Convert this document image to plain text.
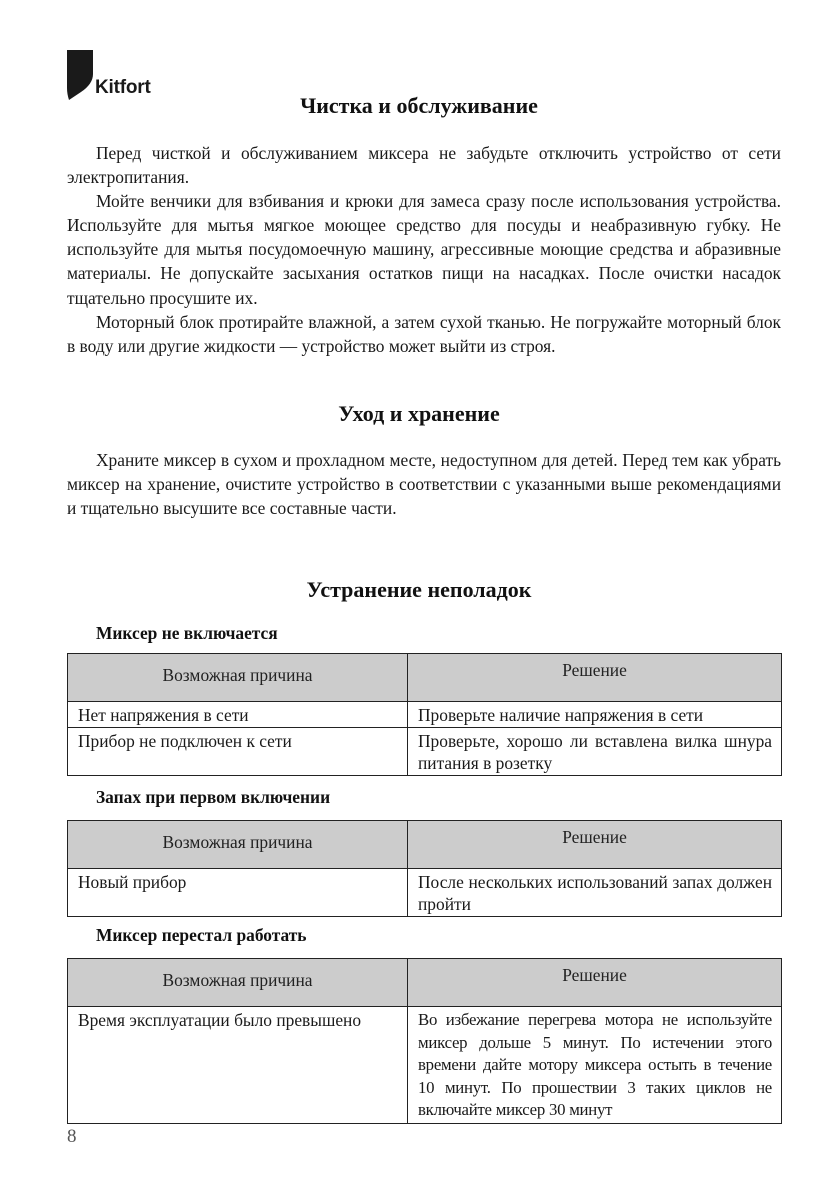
Kitfort
Чистка и обслуживание

Перед чисткой и обслуживанием миксера не забудьте отключить устройство от сети электропитания.

Мойте венчики для взбивания и крюки для замеса сразу после использования устройства. Используйте для мытья мягкое моющее средство для посуды и неабразивную губку. Не используйте для мытья посудомоечную машину, агрессивные моющие средства и абразивные материалы. Не допускайте засыхания остатков пищи на насадках. После очистки насадок тщательно просушите их.

Моторный блок протирайте влажной, а затем сухой тканью. Не погружайте моторный блок в воду или другие жидкости — устройство может выйти из строя.

Уход и хранение

Храните миксер в сухом и прохладном месте, недоступном для детей. Перед тем как убрать миксер на хранение, очистите устройство в соответствии с указанными выше рекомендациями и тщательно высушите все составные части.

Устранение неполадок
Миксер не включается
Возможная причина	Решение
Нет напряжения в сети	Проверьте наличие напряжения в сети
Прибор не подключен к сети	Проверьте, хорошо ли вставлена вилка шнура питания в розетку
Запах при первом включении
Возможная причина	Решение
Новый прибор	После нескольких использований запах должен пройти
Миксер перестал работать
Возможная причина	Решение
Время эксплуатации было превышено	Во избежание перегрева мотора не используйте миксер дольше 5 минут. По истечении этого времени дайте мотору миксера остыть в течение 10 минут. По прошествии 3 таких циклов не включайте миксер 30 минут
8
